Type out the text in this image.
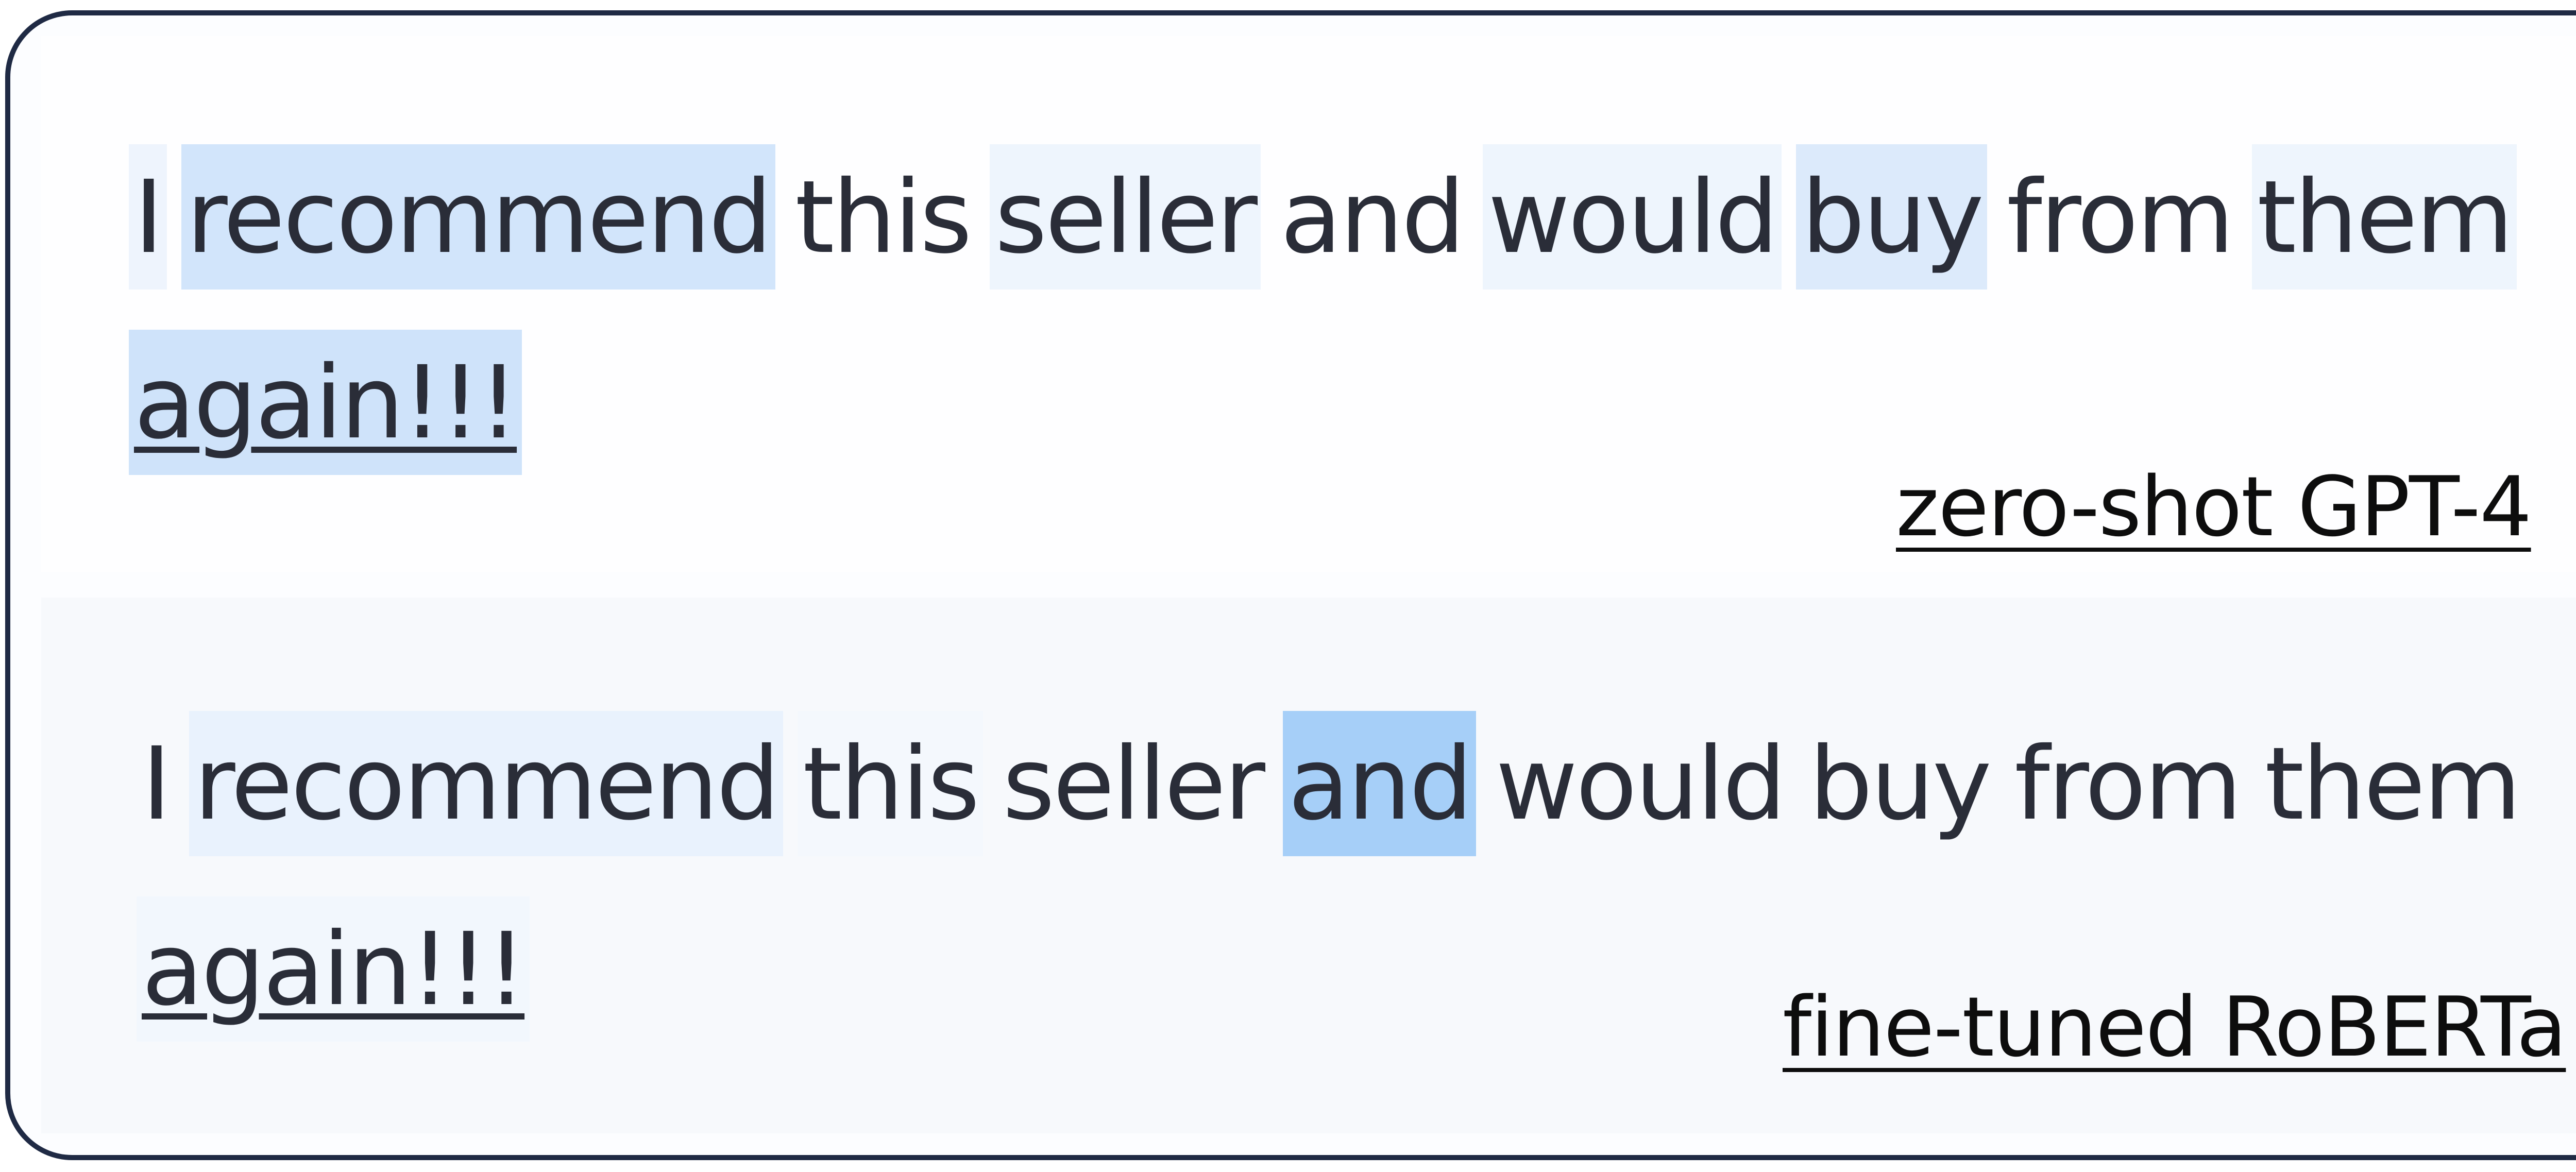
I recommend this seller and would buy from them
again!!!
zero-shot GPT-4
I recommend this seller and would buy from them
again!!!	fine-tuned RoBERTa
